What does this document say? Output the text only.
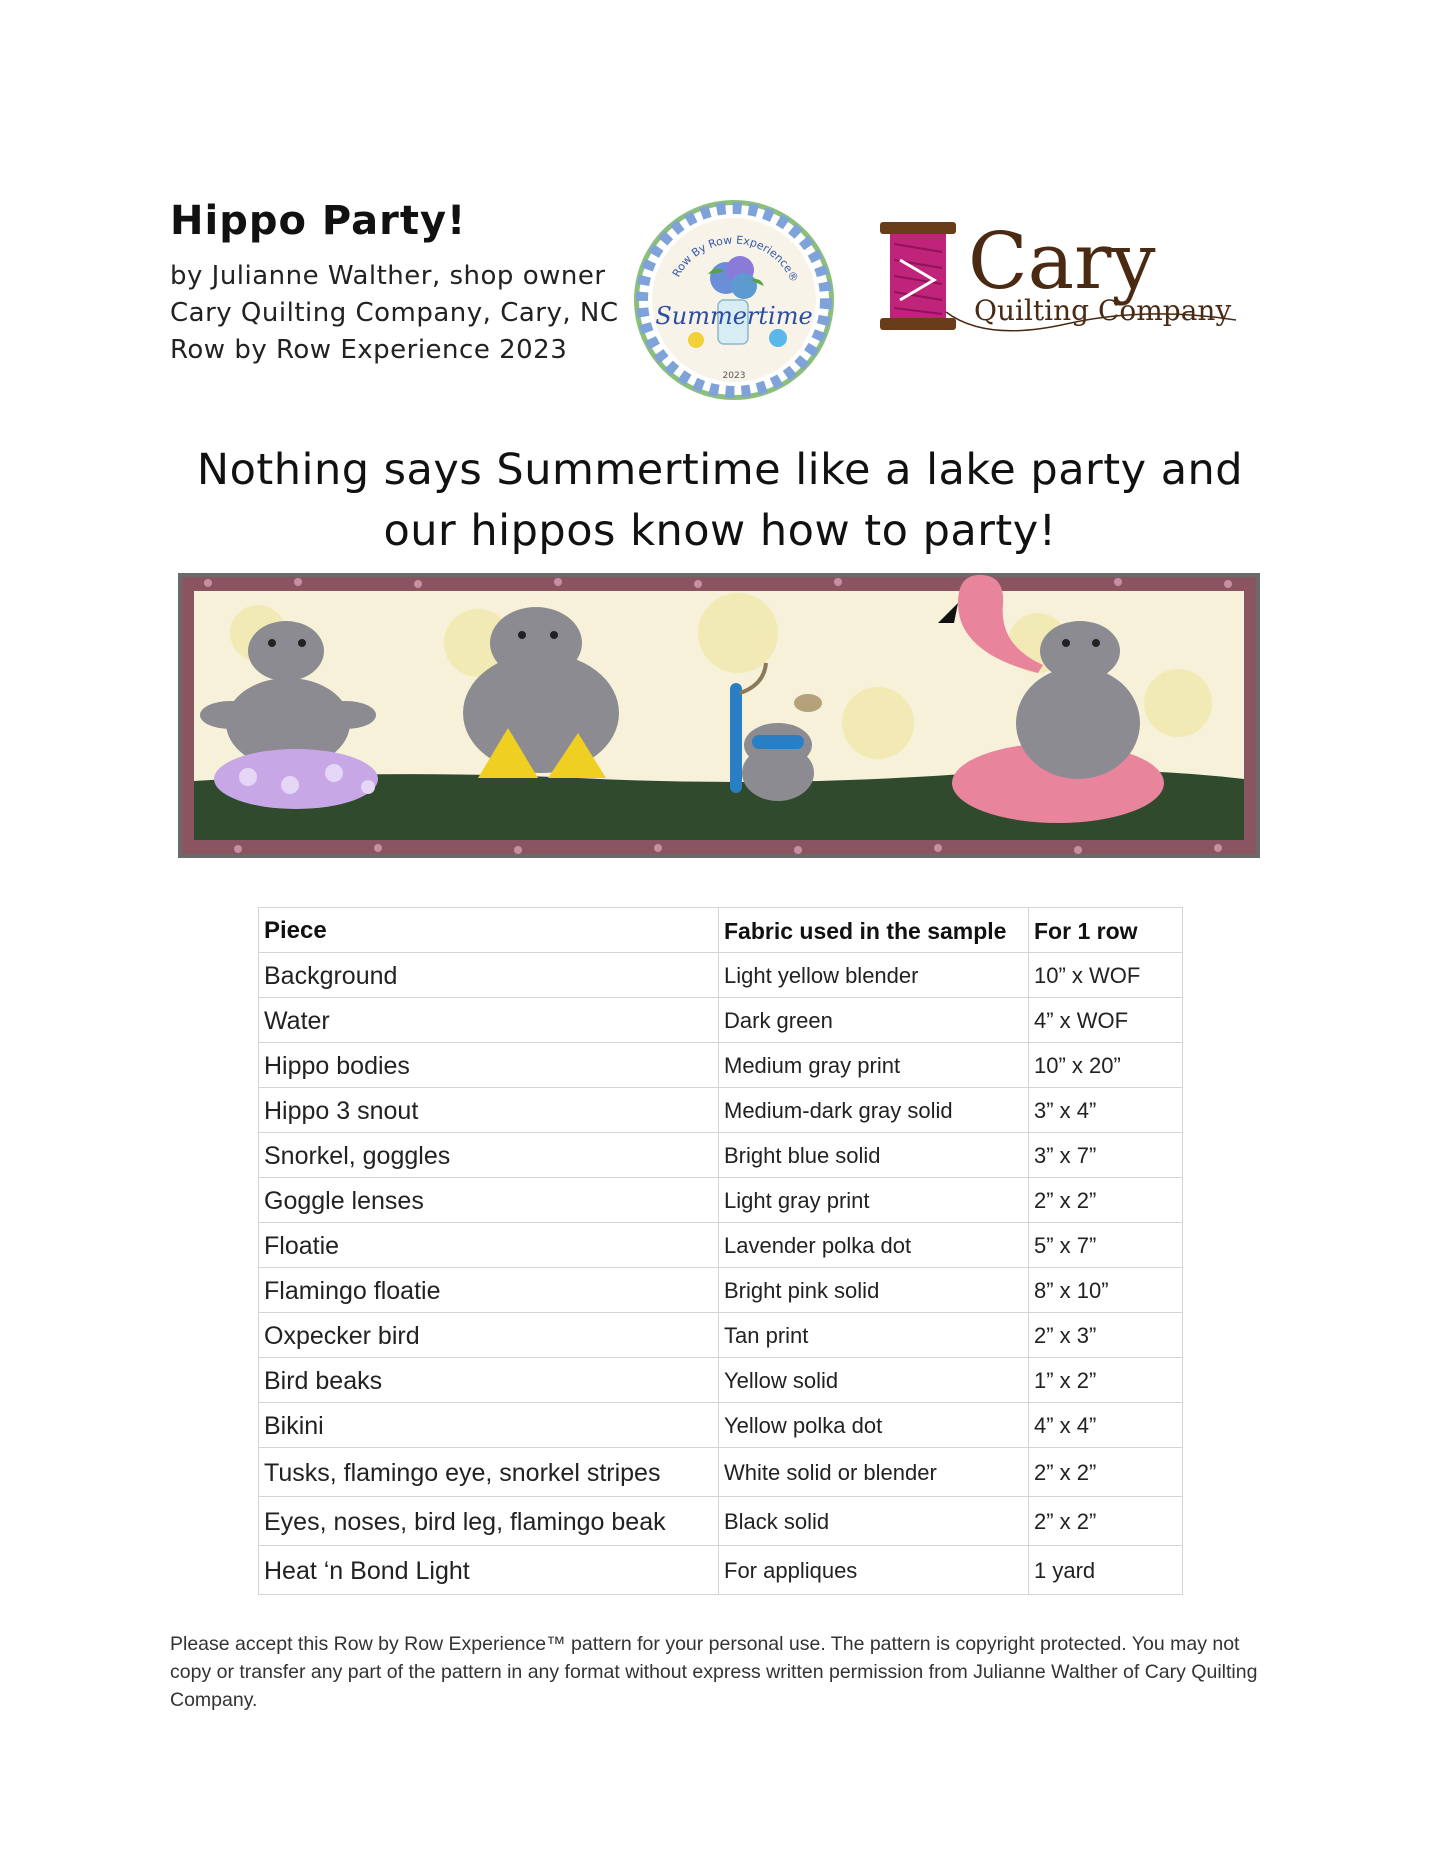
Hippo Party!
by Julianne Walther, shop owner
Cary Quilting Company, Cary, NC
Row by Row Experience 2023
Row By Row Experience®
Summertime
2023
Cary
Quilting Company
Nothing says Summertime like a lake party and
our hippos know how to party!
Piece	Fabric used in the sample	For 1 row
Background	Light yellow blender	10” x WOF
Water	Dark green	4” x WOF
Hippo bodies	Medium gray print	10” x 20”
Hippo 3 snout	Medium-dark gray solid	3” x 4”
Snorkel, goggles	Bright blue solid	3” x 7”
Goggle lenses	Light gray print	2” x 2”
Floatie	Lavender polka dot	5” x 7”
Flamingo floatie	Bright pink solid	8” x 10”
Oxpecker bird	Tan print	2” x 3”
Bird beaks	Yellow solid	1” x 2”
Bikini	Yellow polka dot	4” x 4”
Tusks, flamingo eye, snorkel stripes	White solid or blender	2” x 2”
Eyes, noses, bird leg, flamingo beak	Black solid	2” x 2”
Heat ‘n Bond Light	For appliques	1 yard
Please accept this Row by Row Experience™ pattern for your personal use. The pattern is copyright protected. You may not copy or transfer any part of the pattern in any format without express written permission from Julianne Walther of Cary Quilting Company.
